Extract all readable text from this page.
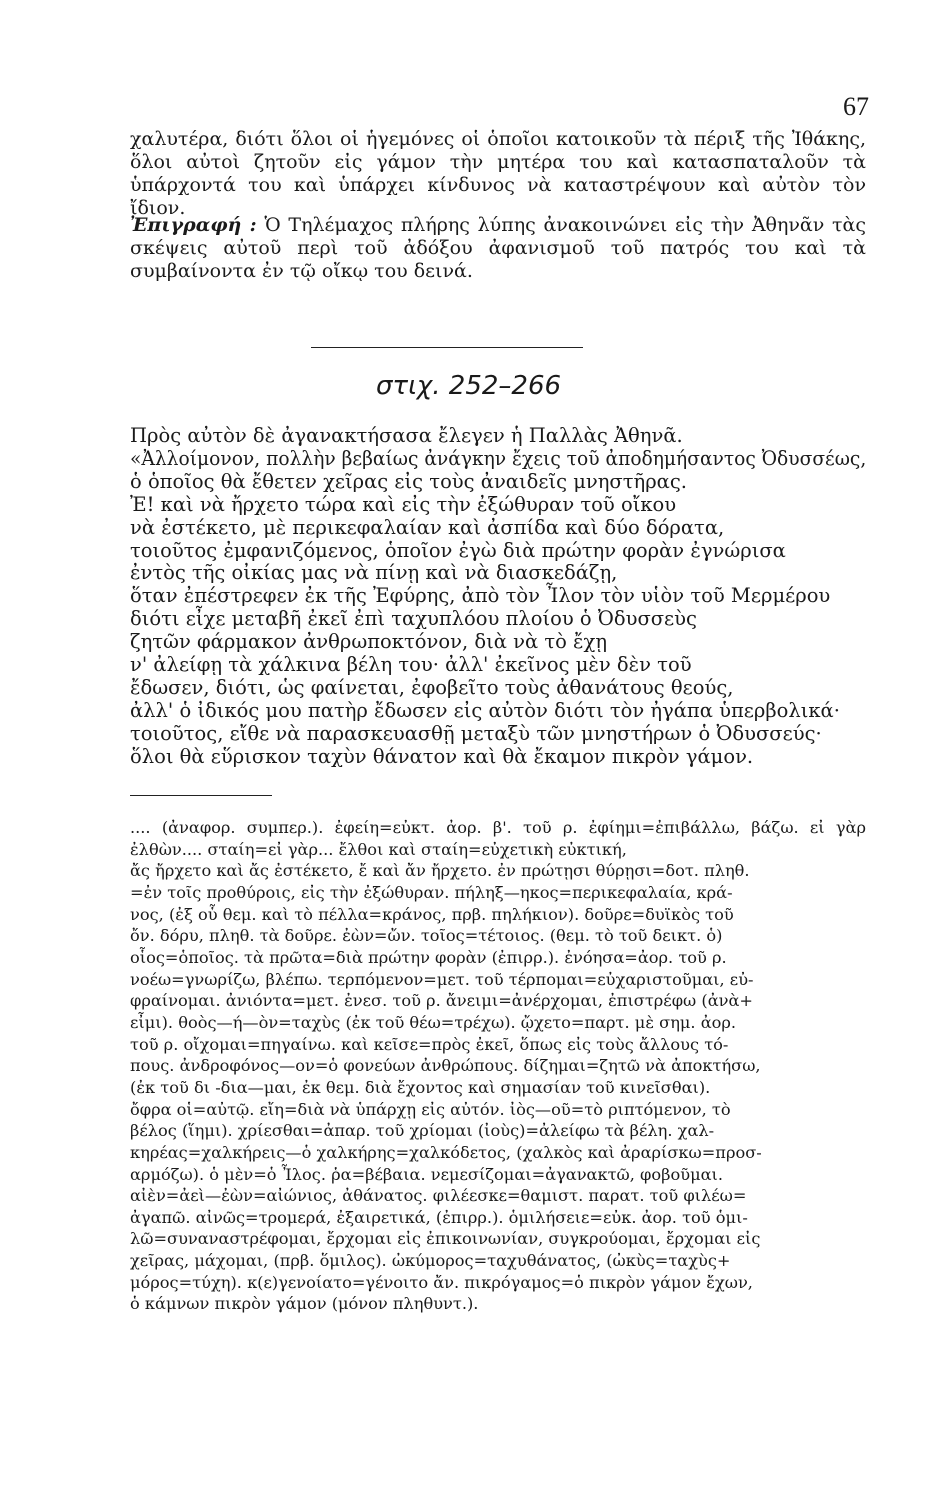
67
χαλυτέρα, διότι ὅλοι οἱ ἡγεμόνες οἱ ὁποῖοι κατοικοῦν τὰ πέριξ τῆς Ἰθάκης, ὅλοι αὐτοὶ ζητοῦν εἰς γάμον τὴν μητέρα του καὶ κατασπαταλοῦν τὰ ὑπάρχοντά του καὶ ὑπάρχει κίνδυνος νὰ καταστρέψουν καὶ αὐτὸν τὸν ἴδιον.
Ἐπιγραφή : Ὁ Τηλέμαχος πλήρης λύπης ἀνακοινώνει εἰς τὴν Ἀθηνᾶν τὰς σκέψεις αὐτοῦ περὶ τοῦ ἀδόξου ἀφανισμοῦ τοῦ πατρός του καὶ τὰ συμβαίνοντα ἐν τῷ οἴκῳ του δεινά.
στιχ. 252–266
Πρὸς αὐτὸν δὲ ἀγανακτήσασα ἔλεγεν ἡ Παλλὰς Ἀθηνᾶ.
«Ἀλλοίμονον, πολλὴν βεβαίως ἀνάγκην ἔχεις τοῦ ἀποδημήσαντος Ὀδυσσέως,
ὁ ὁποῖος θὰ ἔθετεν χεῖρας εἰς τοὺς ἀναιδεῖς μνηστῆρας.
Ἐ! καὶ νὰ ἤρχετο τώρα καὶ εἰς τὴν ἐξώθυραν τοῦ οἴκου
νὰ ἐστέκετο, μὲ περικεφαλαίαν καὶ ἀσπίδα καὶ δύο δόρατα,
τοιοῦτος ἐμφανιζόμενος, ὁποῖον ἐγὼ διὰ πρώτην φορὰν ἐγνώρισα
ἐντὸς τῆς οἰκίας μας νὰ πίνῃ καὶ νὰ διασκεδάζῃ,
ὅταν ἐπέστρεφεν ἐκ τῆς Ἐφύρης, ἀπὸ τὸν Ἶλον τὸν υἱὸν τοῦ Μερμέρου
διότι εἶχε μεταβῆ ἐκεῖ ἐπὶ ταχυπλόου πλοίου ὁ Ὀδυσσεὺς
ζητῶν φάρμακον ἀνθρωποκτόνον, διὰ νὰ τὸ ἔχῃ
ν' ἀλείφῃ τὰ χάλκινα βέλη του· ἀλλ' ἐκεῖνος μὲν δὲν τοῦ
ἔδωσεν, διότι, ὡς φαίνεται, ἐφοβεῖτο τοὺς ἀθανάτους θεούς,
ἀλλ' ὁ ἰδικός μου πατὴρ ἔδωσεν εἰς αὐτὸν διότι τὸν ἠγάπα ὑπερβολικά·
τοιοῦτος, εἴθε νὰ παρασκευασθῇ μεταξὺ τῶν μνηστήρων ὁ Ὀδυσσεύς·
ὅλοι θὰ εὕρισκον ταχὺν θάνατον καὶ θὰ ἔκαμον πικρὸν γάμον.
.... (ἀναφορ. συμπερ.). ἐφείη=εὐκτ. ἀορ. β'. τοῦ ρ. ἐφίημι=ἐπιβάλλω, βάζω. εἰ γὰρ ἐλθὼν.... σταίη=εἰ γὰρ... ἔλθοι καὶ σταίη=εὐχετικὴ εὐκτική,
ἄς ἤρχετο καὶ ἄς ἐστέκετο, ἔ καὶ ἄν ἤρχετο. ἐν πρώτῃσι θύρῃσι=δοτ. πληθ.
=ἐν τοῖς προθύροις, εἰς τὴν ἐξώθυραν. πήληξ—ηκος=περικεφαλαία, κρά-
νος, (ἐξ οὗ θεμ. καὶ τὸ πέλλα=κράνος, πρβ. πηλήκιον). δοῦρε=δυϊκὸς τοῦ
ὄν. δόρυ, πληθ. τὰ δοῦρε. ἐὼν=ὤν. τοῖος=τέτοιος. (θεμ. τὸ τοῦ δεικτ. ὁ)
οἷος=ὁποῖος. τὰ πρῶτα=διὰ πρώτην φορὰν (ἐπιρρ.). ἐνόησα=ἀορ. τοῦ ρ.
νοέω=γνωρίζω, βλέπω. τερπόμενον=μετ. τοῦ τέρπομαι=εὐχαριστοῦμαι, εὐ-
φραίνομαι. ἀνιόντα=μετ. ἐνεσ. τοῦ ρ. ἄνειμι=ἀνέρχομαι, ἐπιστρέφω (ἀνὰ+
εἶμι). θοὸς—ή—ὸν=ταχὺς (ἐκ τοῦ θέω=τρέχω). ᾤχετο=παρτ. μὲ σημ. ἀορ.
τοῦ ρ. οἴχομαι=πηγαίνω. καὶ κεῖσε=πρὸς ἐκεῖ, ὅπως εἰς τοὺς ἄλλους τό-
πους. ἀνδροφόνος—ον=ὁ φονεύων ἀνθρώπους. δίζημαι=ζητῶ νὰ ἀποκτήσω,
(ἐκ τοῦ δι -δια—μαι, ἐκ θεμ. διὰ ἔχοντος καὶ σημασίαν τοῦ κινεῖσθαι).
ὄφρα οἱ=αὐτῷ. εἴη=διὰ νὰ ὑπάρχῃ εἰς αὐτόν. ἰὸς—οῦ=τὸ ριπτόμενον, τὸ
βέλος (ἵημι). χρίεσθαι=ἀπαρ. τοῦ χρίομαι (ἰοὺς)=ἀλείφω τὰ βέλη. χαλ-
κηρέας=χαλκήρεις—ὁ χαλκήρης=χαλκόδετος, (χαλκὸς καὶ ἀραρίσκω=προσ-
αρμόζω). ὁ μὲν=ὁ Ἶλος. ῥα=βέβαια. νεμεσίζομαι=ἀγανακτῶ, φοβοῦμαι.
αἰὲν=ἀεὶ—ἐὼν=αἰώνιος, ἀθάνατος. φιλέεσκε=θαμιστ. παρατ. τοῦ φιλέω=
ἀγαπῶ. αἰνῶς=τρομερά, ἐξαιρετικά, (ἐπιρρ.). ὁμιλήσειε=εὐκ. ἀορ. τοῦ ὁμι-
λῶ=συναναστρέφομαι, ἔρχομαι εἰς ἐπικοινωνίαν, συγκρούομαι, ἔρχομαι εἰς
χεῖρας, μάχομαι, (πρβ. ὅμιλος). ὠκύμορος=ταχυθάνατος, (ὠκὺς=ταχὺς+
μόρος=τύχη). κ(ε)γενοίατο=γένοιτο ἄν. πικρόγαμος=ὁ πικρὸν γάμον ἔχων,
ὁ κάμνων πικρὸν γάμον (μόνον πληθυντ.).
